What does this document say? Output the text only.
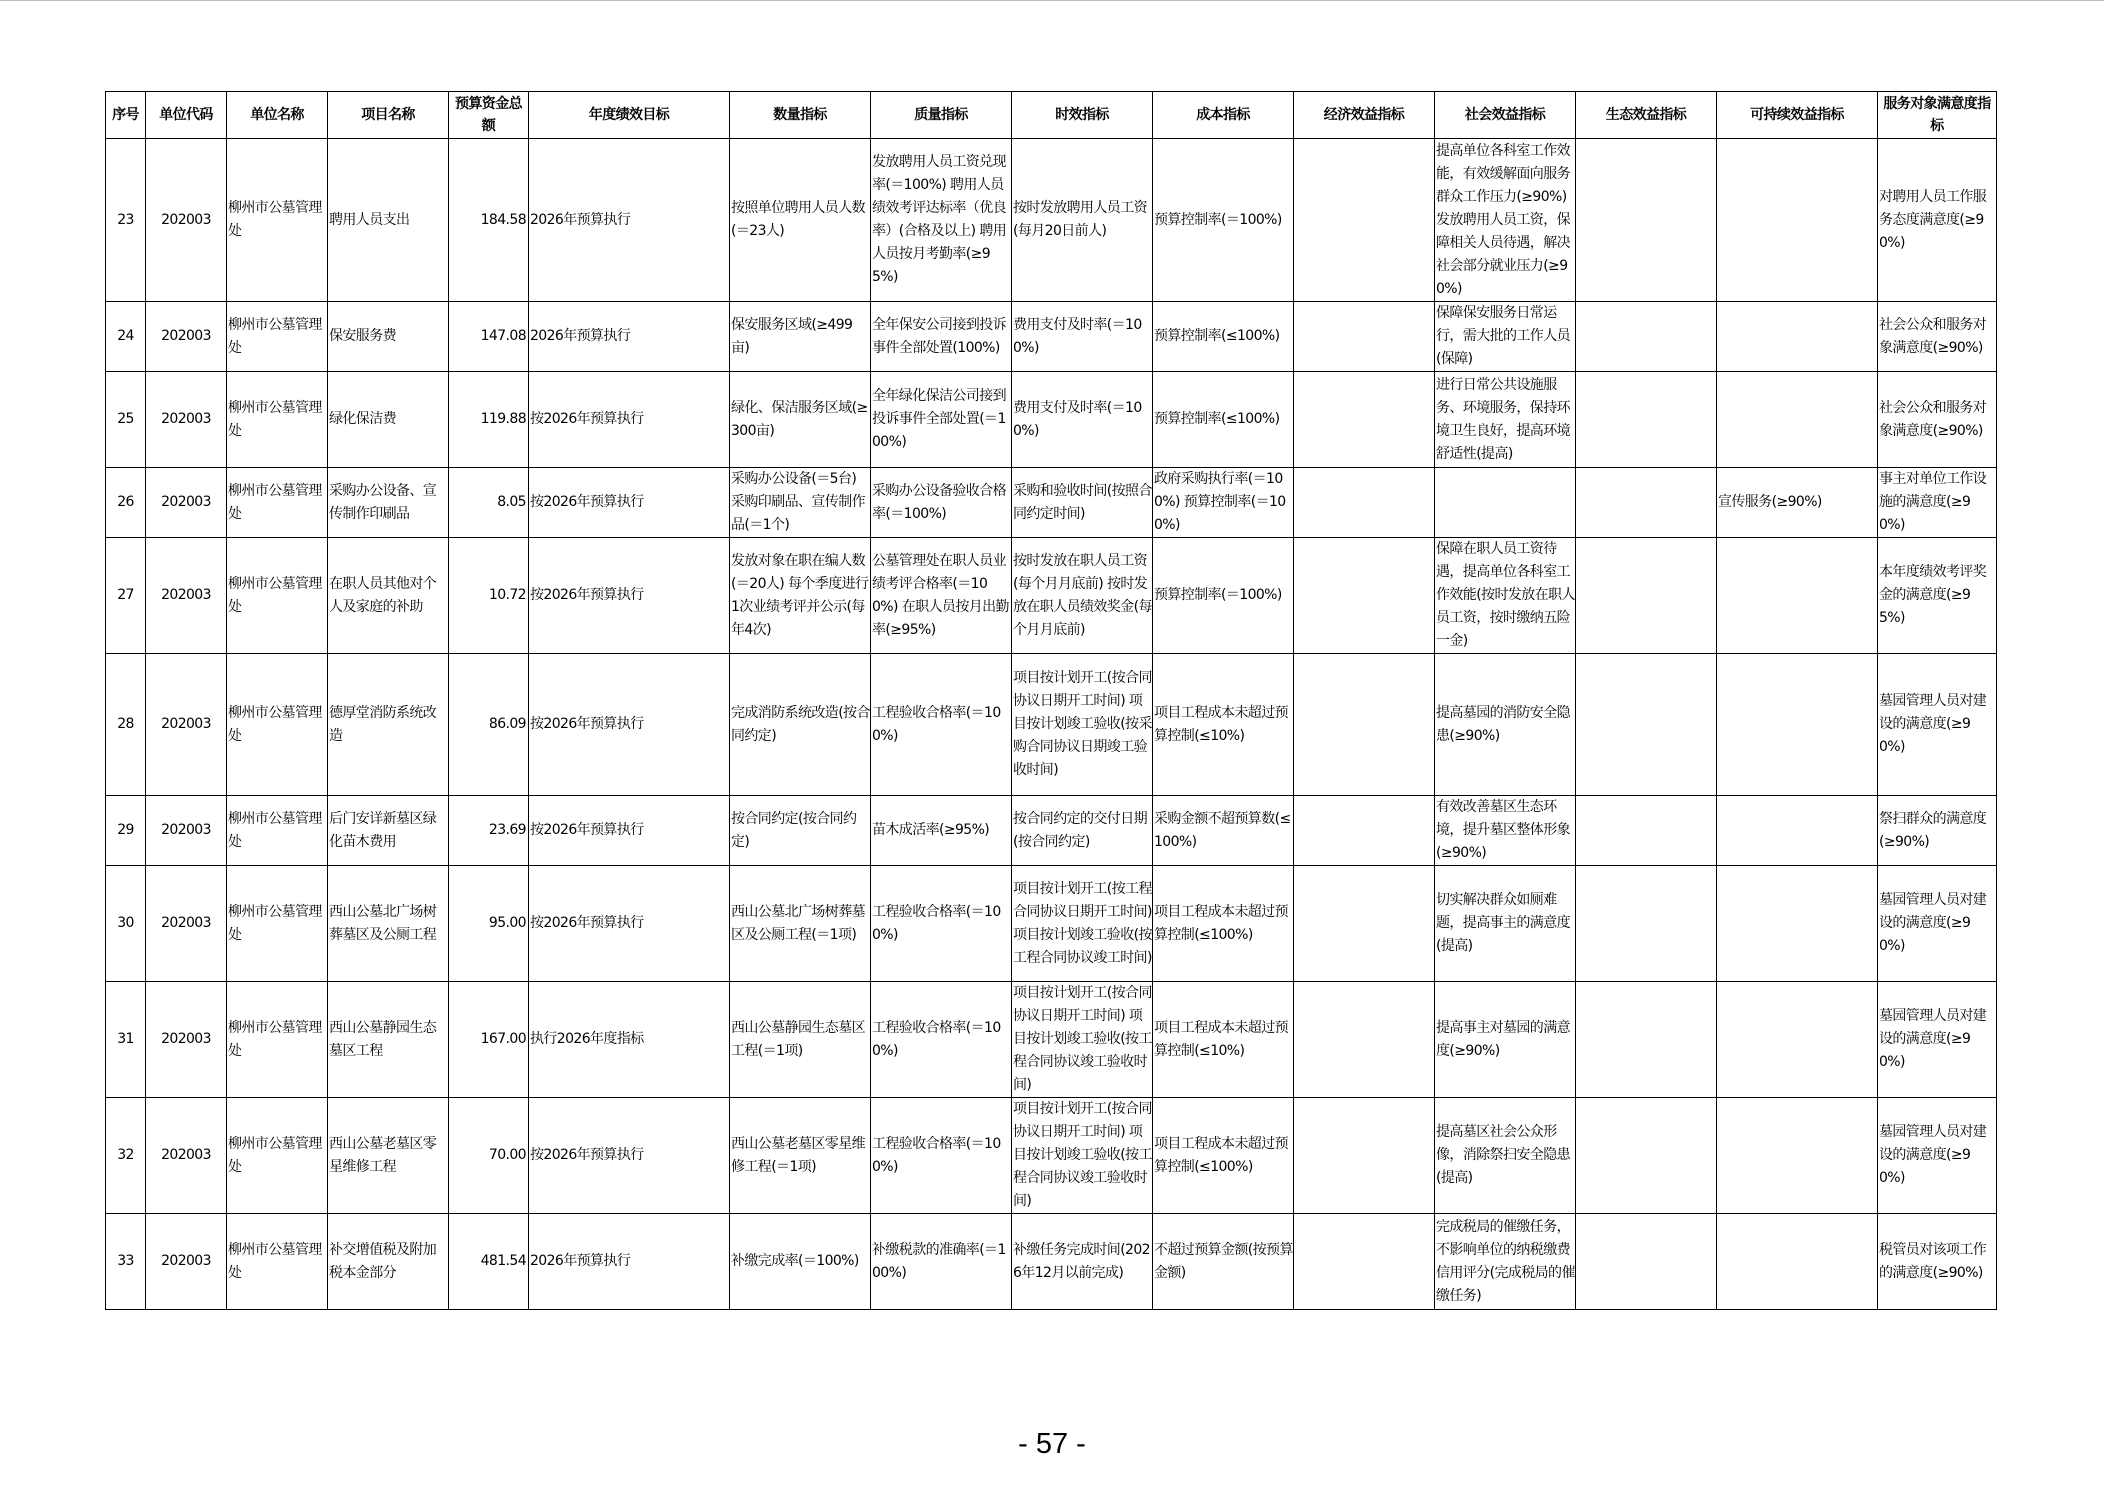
序号	单位代码	单位名称	项目名称	预算资金总额	年度绩效目标	数量指标	质量指标	时效指标	成本指标	经济效益指标	社会效益指标	生态效益指标	可持续效益指标	服务对象满意度指标
23	202003	柳州市公墓管理处	聘用人员支出	184.58	2026年预算执行	按照单位聘用人员人数(＝23人)	发放聘用人员工资兑现率(＝100%) 聘用人员绩效考评达标率（优良率）(合格及以上) 聘用人员按月考勤率(≥95%)	按时发放聘用人员工资(每月20日前人)	预算控制率(＝100%)		提高单位各科室工作效能，有效缓解面向服务群众工作压力(≥90%) 发放聘用人员工资，保障相关人员待遇，解决社会部分就业压力(≥90%)			对聘用人员工作服务态度满意度(≥90%)
24	202003	柳州市公墓管理处	保安服务费	147.08	2026年预算执行	保安服务区域(≥499亩)	全年保安公司接到投诉事件全部处置(100%)	费用支付及时率(＝100%)	预算控制率(≤100%)		保障保安服务日常运行，需大批的工作人员(保障)			社会公众和服务对象满意度(≥90%)
25	202003	柳州市公墓管理处	绿化保洁费	119.88	按2026年预算执行	绿化、保洁服务区域(≥300亩)	全年绿化保洁公司接到投诉事件全部处置(＝100%)	费用支付及时率(＝100%)	预算控制率(≤100%)		进行日常公共设施服务、环境服务，保持环境卫生良好，提高环境舒适性(提高)			社会公众和服务对象满意度(≥90%)
26	202003	柳州市公墓管理处	采购办公设备、宣传制作印刷品	8.05	按2026年预算执行	采购办公设备(＝5台) 采购印刷品、宣传制作品(＝1个)	采购办公设备验收合格率(＝100%)	采购和验收时间(按照合同约定时间)	政府采购执行率(＝100%) 预算控制率(＝100%)				宣传服务(≥90%)	事主对单位工作设施的满意度(≥90%)
27	202003	柳州市公墓管理处	在职人员其他对个人及家庭的补助	10.72	按2026年预算执行	发放对象在职在编人数(＝20人) 每个季度进行1次业绩考评并公示(每年4次)	公墓管理处在职人员业绩考评合格率(＝100%) 在职人员按月出勤率(≥95%)	按时发放在职人员工资(每个月月底前) 按时发放在职人员绩效奖金(每个月月底前)	预算控制率(＝100%)		保障在职人员工资待遇，提高单位各科室工作效能(按时发放在职人员工资，按时缴纳五险一金)			本年度绩效考评奖金的满意度(≥95%)
28	202003	柳州市公墓管理处	德厚堂消防系统改造	86.09	按2026年预算执行	完成消防系统改造(按合同约定)	工程验收合格率(＝100%)	项目按计划开工(按合同协议日期开工时间) 项目按计划竣工验收(按采购合同协议日期竣工验收时间)	项目工程成本未超过预算控制(≤10%)		提高墓园的消防安全隐患(≥90%)			墓园管理人员对建设的满意度(≥90%)
29	202003	柳州市公墓管理处	后门安详新墓区绿化苗木费用	23.69	按2026年预算执行	按合同约定(按合同约定)	苗木成活率(≥95%)	按合同约定的交付日期(按合同约定)	采购金额不超预算数(≤100%)		有效改善墓区生态环境，提升墓区整体形象(≥90%)			祭扫群众的满意度(≥90%)
30	202003	柳州市公墓管理处	西山公墓北广场树葬墓区及公厕工程	95.00	按2026年预算执行	西山公墓北广场树葬墓区及公厕工程(＝1项)	工程验收合格率(＝100%)	项目按计划开工(按工程合同协议日期开工时间) 项目按计划竣工验收(按工程合同协议竣工时间)	项目工程成本未超过预算控制(≤100%)		切实解决群众如厕难题，提高事主的满意度(提高)			墓园管理人员对建设的满意度(≥90%)
31	202003	柳州市公墓管理处	西山公墓静园生态墓区工程	167.00	执行2026年度指标	西山公墓静园生态墓区工程(＝1项)	工程验收合格率(＝100%)	项目按计划开工(按合同协议日期开工时间) 项目按计划竣工验收(按工程合同协议竣工验收时间)	项目工程成本未超过预算控制(≤10%)		提高事主对墓园的满意度(≥90%)			墓园管理人员对建设的满意度(≥90%)
32	202003	柳州市公墓管理处	西山公墓老墓区零星维修工程	70.00	按2026年预算执行	西山公墓老墓区零星维修工程(＝1项)	工程验收合格率(＝100%)	项目按计划开工(按合同协议日期开工时间) 项目按计划竣工验收(按工程合同协议竣工验收时间)	项目工程成本未超过预算控制(≤100%)		提高墓区社会公众形像，消除祭扫安全隐患(提高)			墓园管理人员对建设的满意度(≥90%)
33	202003	柳州市公墓管理处	补交增值税及附加税本金部分	481.54	2026年预算执行	补缴完成率(＝100%)	补缴税款的准确率(＝100%)	补缴任务完成时间(2026年12月以前完成)	不超过预算金额(按预算金额)		完成税局的催缴任务，不影响单位的纳税缴费信用评分(完成税局的催缴任务)			税管员对该项工作的满意度(≥90%)
- 57 -
